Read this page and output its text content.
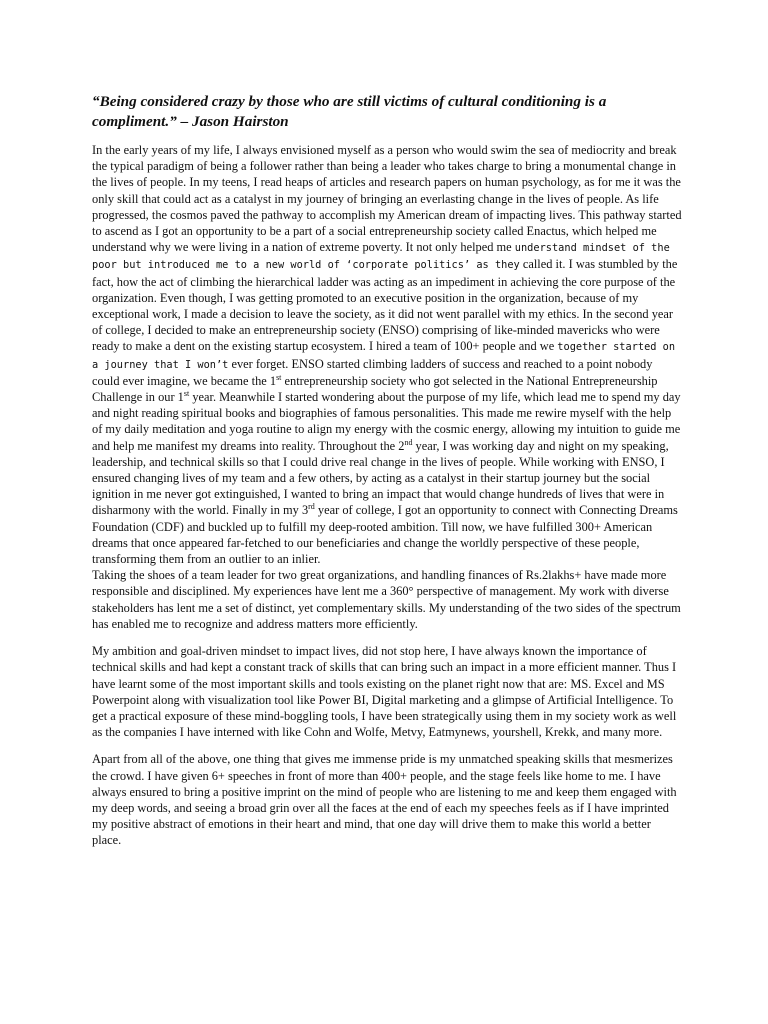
“Being considered crazy by those who are still victims of cultural conditioning is a compliment.” – Jason Hairston

In the early years of my life, I always envisioned myself as a person who would swim the sea of mediocrity and break the typical paradigm of being a follower rather than being a leader who takes charge to bring a monumental change in the lives of people. In my teens, I read heaps of articles and research papers on human psychology, as for me it was the only skill that could act as a catalyst in my journey of bringing an everlasting change in the lives of people. As life progressed, the cosmos paved the pathway to accomplish my American dream of impacting lives. This pathway started to ascend as I got an opportunity to be a part of a social entrepreneurship society called Enactus, which helped me understand why we were living in a nation of extreme poverty. It not only helped me understand mindset of the poor but introduced me to a new world of ‘corporate politics’ as they called it. I was stumbled by the fact, how the act of climbing the hierarchical ladder was acting as an impediment in achieving the core purpose of the organization. Even though, I was getting promoted to an executive position in the organization, because of my exceptional work, I made a decision to leave the society, as it did not went parallel with my ethics. In the second year of college, I decided to make an entrepreneurship society (ENSO) comprising of like-minded mavericks who were ready to make a dent on the existing startup ecosystem. I hired a team of 100+ people and we together started on a journey that I won’t ever forget. ENSO started climbing ladders of success and reached to a point nobody could ever imagine, we became the 1st entrepreneurship society who got selected in the National Entrepreneurship Challenge in our 1st year. Meanwhile I started wondering about the purpose of my life, which lead me to spend my day and night reading spiritual books and biographies of famous personalities. This made me rewire myself with the help of my daily meditation and yoga routine to align my energy with the cosmic energy, allowing my intuition to guide me and help me manifest my dreams into reality. Throughout the 2nd year, I was working day and night on my speaking, leadership, and technical skills so that I could drive real change in the lives of people. While working with ENSO, I ensured changing lives of my team and a few others, by acting as a catalyst in their startup journey but the social ignition in me never got extinguished, I wanted to bring an impact that would change hundreds of lives that were in disharmony with the world. Finally in my 3rd year of college, I got an opportunity to connect with Connecting Dreams Foundation (CDF) and buckled up to fulfill my deep-rooted ambition. Till now, we have fulfilled 300+ American dreams that once appeared far-fetched to our beneficiaries and change the worldly perspective of these people, transforming them from an outlier to an inlier.

Taking the shoes of a team leader for two great organizations, and handling finances of Rs.2lakhs+ have made more responsible and disciplined. My experiences have lent me a 360° perspective of management. My work with diverse stakeholders has lent me a set of distinct, yet complementary skills. My understanding of the two sides of the spectrum has enabled me to recognize and address matters more efficiently.

My ambition and goal-driven mindset to impact lives, did not stop here, I have always known the importance of technical skills and had kept a constant track of skills that can bring such an impact in a more efficient manner. Thus I have learnt some of the most important skills and tools existing on the planet right now that are: MS. Excel and MS Powerpoint along with visualization tool like Power BI, Digital marketing and a glimpse of Artificial Intelligence. To get a practical exposure of these mind-boggling tools, I have been strategically using them in my society work as well as the companies I have interned with like Cohn and Wolfe, Metvy, Eatmynews, yourshell, Krekk, and many more.

Apart from all of the above, one thing that gives me immense pride is my unmatched speaking skills that mesmerizes the crowd. I have given 6+ speeches in front of more than 400+ people, and the stage feels like home to me. I have always ensured to bring a positive imprint on the mind of people who are listening to me and keep them engaged with my deep words, and seeing a broad grin over all the faces at the end of each my speeches feels as if I have imprinted my positive abstract of emotions in their heart and mind, that one day will drive them to make this world a better place.
